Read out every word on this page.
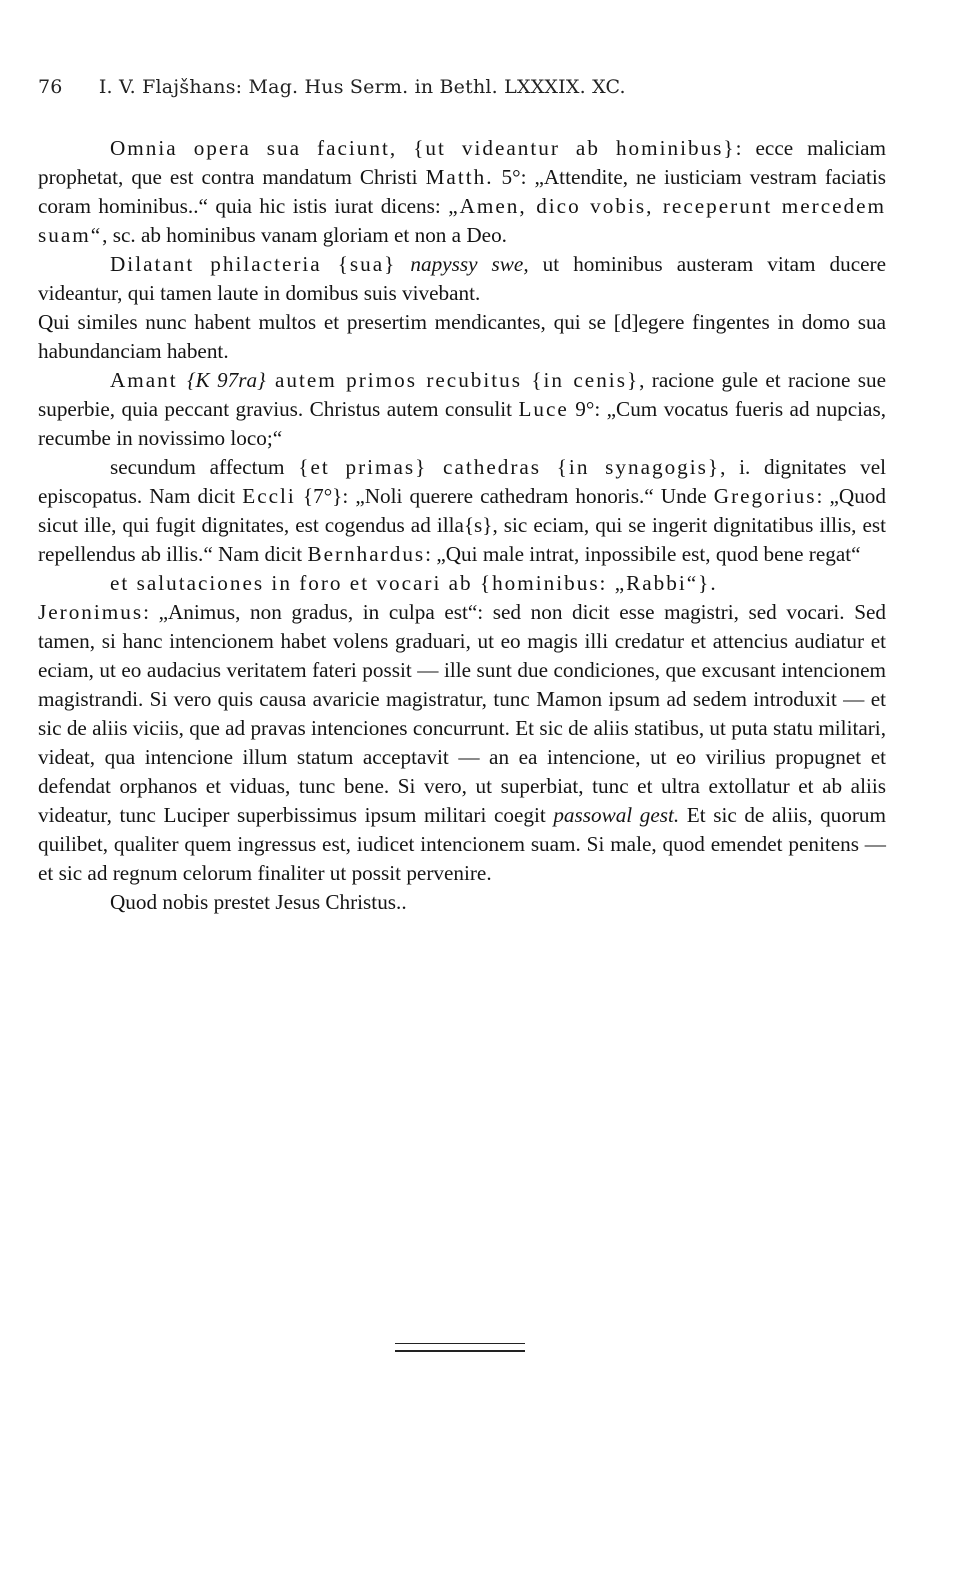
76 I. V. Flajšhans: Mag. Hus Serm. in Bethl. LXXXIX. XC.

Omnia opera sua faciunt, {ut videantur ab hominibus}: ecce maliciam prophetat, que est contra mandatum Christi Matth. 5°: „Attendite, ne iusticiam vestram faciatis coram hominibus..“ quia hic istis iurat dicens: „Amen, dico vobis, receperunt mercedem suam“, sc. ab hominibus vanam gloriam et non a Deo.

Dilatant philacteria {sua} napyssy swe, ut hominibus austeram vitam ducere videantur, qui tamen laute in domibus suis vivebant.

Qui similes nunc habent multos et presertim mendicantes, qui se [d]egere fingentes in domo sua habundanciam habent.

Amant {K 97ra} autem primos recubitus {in cenis}, racione gule et racione sue superbie, quia peccant gravius. Christus autem consulit Luce 9°: „Cum vocatus fueris ad nupcias, recumbe in novissimo loco;“

secundum affectum {et primas} cathedras {in synagogis}, i. dignitates vel episcopatus. Nam dicit Eccli {7°}: „Noli querere cathedram honoris.“ Unde Gregorius: „Quod sicut ille, qui fugit dignitates, est cogendus ad illa{s}, sic eciam, qui se ingerit dignitatibus illis, est repellendus ab illis.“ Nam dicit Bernhardus: „Qui male intrat, inpossibile est, quod bene regat“

et salutaciones in foro et vocari ab {hominibus: „Rabbi“}.

Jeronimus: „Animus, non gradus, in culpa est“: sed non dicit esse magistri, sed vocari. Sed tamen, si hanc intencionem habet volens graduari, ut eo magis illi credatur et attencius audiatur et eciam, ut eo audacius veritatem fateri possit — ille sunt due condiciones, que excusant intencionem magistrandi. Si vero quis causa avaricie magistratur, tunc Mamon ipsum ad sedem introduxit — et sic de aliis viciis, que ad pravas intenciones concurrunt. Et sic de aliis statibus, ut puta statu militari, videat, qua intencione illum statum acceptavit — an ea intencione, ut eo virilius propugnet et defendat orphanos et viduas, tunc bene. Si vero, ut superbiat, tunc et ultra extollatur et ab aliis videatur, tunc Luciper superbissimus ipsum militari coegit passowal gest. Et sic de aliis, quorum quilibet, qualiter quem ingressus est, iudicet intencionem suam. Si male, quod emendet penitens — et sic ad regnum celorum finaliter ut possit pervenire.

Quod nobis prestet Jesus Christus..
